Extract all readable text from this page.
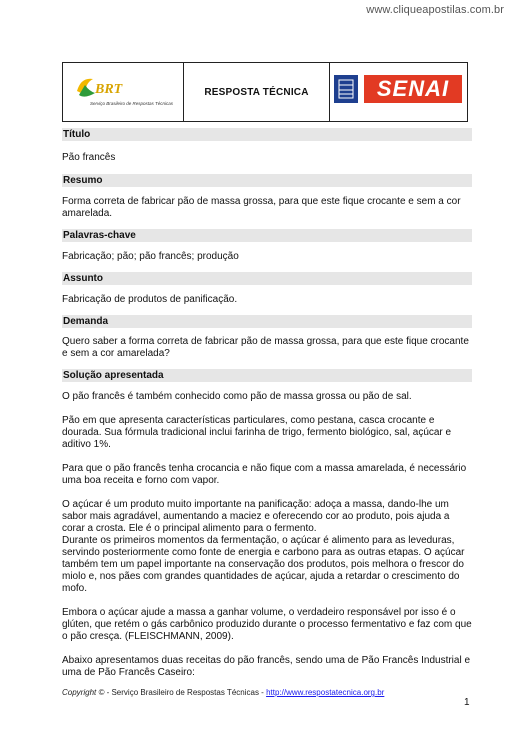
www.cliqueapostilas.com.br
BRT
Serviço Brasileiro de Respostas Técnicas
RESPOSTA TÉCNICA	SENAI
Título

Pão francês

Resumo

Forma correta de fabricar pão de massa grossa, para que este fique crocante e sem a cor amarelada.

Palavras-chave

Fabricação; pão; pão francês; produção

Assunto

Fabricação de produtos de panificação.

Demanda

Quero saber a forma correta de fabricar pão de massa grossa, para que este fique crocante e sem a cor amarelada?

Solução apresentada

O pão francês é também conhecido como pão de massa grossa ou pão de sal.

Pão em que apresenta características particulares, como pestana, casca crocante e dourada. Sua fórmula tradicional inclui farinha de trigo, fermento biológico, sal, açúcar e aditivo 1%.

Para que o pão francês tenha crocancia e não fique com a massa amarelada, é necessário uma boa receita e forno com vapor.

O açúcar é um produto muito importante na panificação: adoça a massa, dando-lhe um sabor mais agradável, aumentando a maciez e oferecendo cor ao produto, pois ajuda a corar a crosta. Ele é o principal alimento para o fermento.

Durante os primeiros momentos da fermentação, o açúcar é alimento para as leveduras, servindo posteriormente como fonte de energia e carbono para as outras etapas. O açúcar também tem um papel importante na conservação dos produtos, pois melhora o frescor do miolo e, nos pães com grandes quantidades de açúcar, ajuda a retardar o crescimento do mofo.

Embora o açúcar ajude a massa a ganhar volume, o verdadeiro responsável por isso é o glúten, que retém o gás carbônico produzido durante o processo fermentativo e faz com que o pão cresça. (FLEISCHMANN, 2009).

Abaixo apresentamos duas receitas do pão francês, sendo uma de Pão Francês Industrial e uma de Pão Francês Caseiro:

Copyright © - Serviço Brasileiro de Respostas Técnicas - http://www.respostatecnica.org.br
1
